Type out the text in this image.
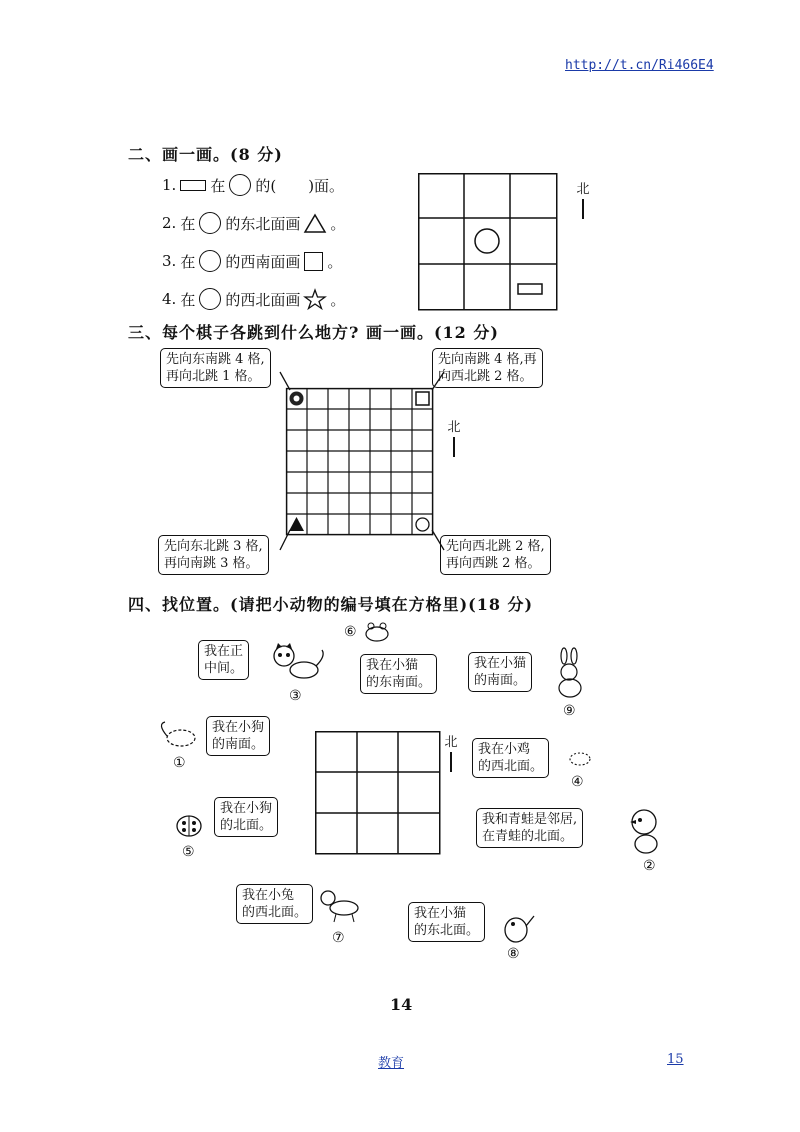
http://t.cn/Ri466E4
二、画一画。(8 分)
1. 在 的( )面。
2. 在 的东北面画 。
3. 在 的西南面画 。
4. 在 的西北面画 。
北
三、每个棋子各跳到什么地方? 画一画。(12 分)
先向东南跳 4 格,
再向北跳 1 格。
先向南跳 4 格,再
向西北跳 2 格。
先向东北跳 3 格,
再向南跳 3 格。
先向西北跳 2 格,
再向西跳 2 格。
北
四、找位置。(请把小动物的编号填在方格里)(18 分)
北
我在正
中间。
③
⑥
我在小猫
的东南面。
我在小猫
的南面。
⑨
①
我在小狗
的南面。	我在小鸡
的西北面。
④
⑤
我在小狗
的北面。	我和青蛙是邻居,
在青蛙的北面。
②
我在小兔
的西北面。
⑦
我在小猫
的东北面。
⑧
14
教育	15
